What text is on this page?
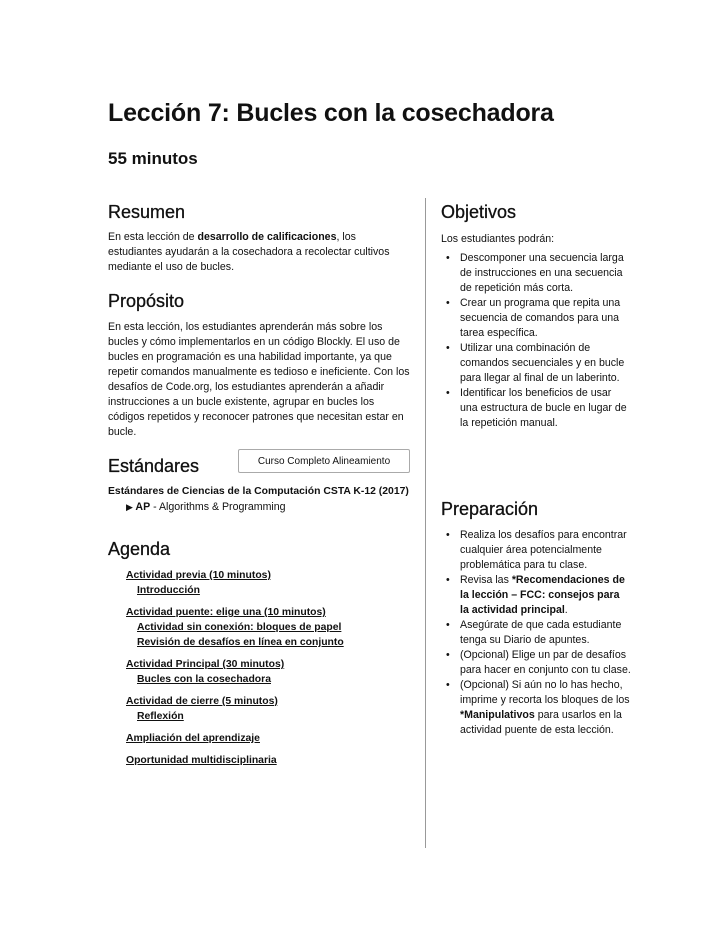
Lección 7: Bucles con la cosechadora
55 minutos
Resumen

En esta lección de desarrollo de calificaciones, los estudiantes ayudarán a la cosechadora a recolectar cultivos mediante el uso de bucles.

Propósito

En esta lección, los estudiantes aprenderán más sobre los bucles y cómo implementarlos en un código Blockly. El uso de bucles en programación es una habilidad importante, ya que repetir comandos manualmente es tedioso e ineficiente. Con los desafíos de Code.org, los estudiantes aprenderán a añadir instrucciones a un bucle existente, agrupar en bucles los códigos repetidos y reconocer patrones que necesitan estar en bucle.

Estándares	Curso Completo Alineamiento
Estándares de Ciencias de la Computación CSTA K-12 (2017)
▶ AP - Algorithms & Programming
Agenda
Actividad previa (10 minutos)
Introducción
Actividad puente: elige una (10 minutos)
Actividad sin conexión: bloques de papel
Revisión de desafíos en línea en conjunto
Actividad Principal (30 minutos)
Bucles con la cosechadora
Actividad de cierre (5 minutos)
Reflexión
Ampliación del aprendizaje
Oportunidad multidisciplinaria
Objetivos

Los estudiantes podrán:

• Descomponer una secuencia larga de instrucciones en una secuencia de repetición más corta.
• Crear un programa que repita una secuencia de comandos para una tarea específica.
• Utilizar una combinación de comandos secuenciales y en bucle para llegar al final de un laberinto.
• Identificar los beneficios de usar una estructura de bucle en lugar de la repetición manual.
Preparación
• Realiza los desafíos para encontrar cualquier área potencialmente problemática para tu clase.
• Revisa las *Recomendaciones de la lección – FCC: consejos para la actividad principal.
• Asegúrate de que cada estudiante tenga su Diario de apuntes.
• (Opcional) Elige un par de desafíos para hacer en conjunto con tu clase.
• (Opcional) Si aún no lo has hecho, imprime y recorta los bloques de los *Manipulativos para usarlos en la actividad puente de esta lección.
